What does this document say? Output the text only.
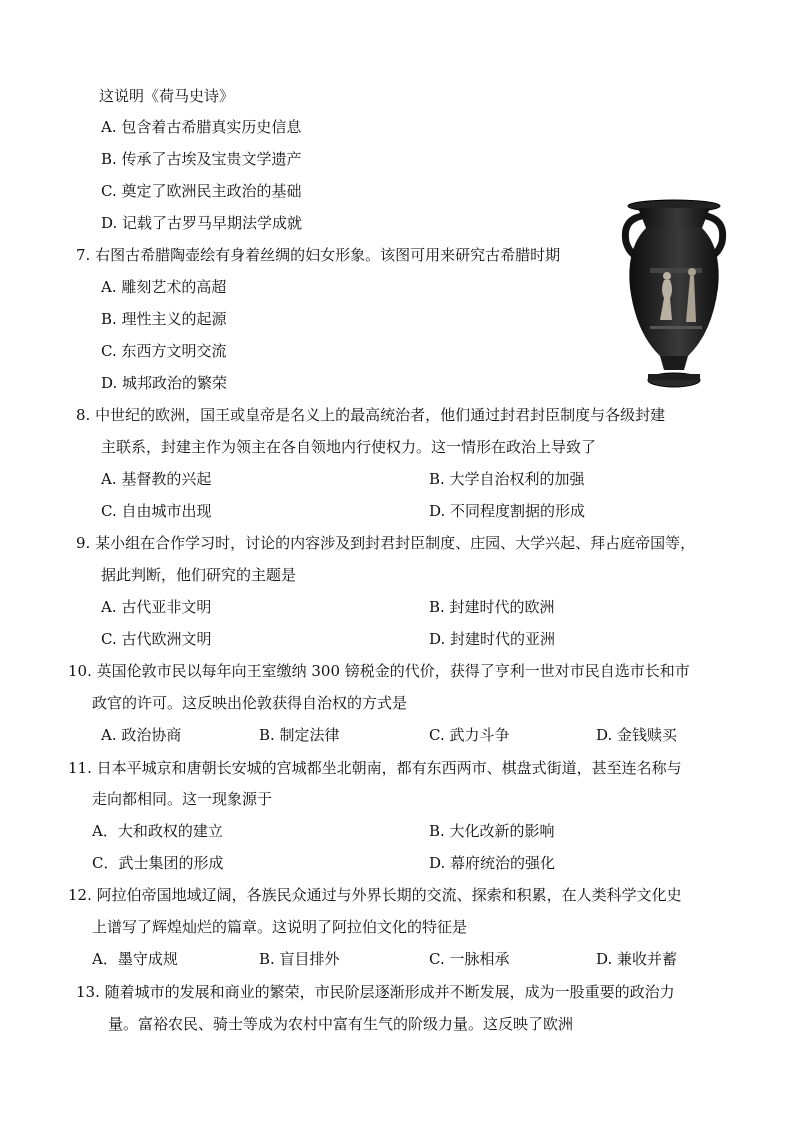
这说明《荷马史诗》
A. 包含着古希腊真实历史信息
B. 传承了古埃及宝贵文学遗产
C. 奠定了欧洲民主政治的基础
D. 记载了古罗马早期法学成就
7. 右图古希腊陶壶绘有身着丝绸的妇女形象。该图可用来研究古希腊时期
A. 雕刻艺术的高超
B. 理性主义的起源
C. 东西方文明交流
D. 城邦政治的繁荣
8. 中世纪的欧洲，国王或皇帝是名义上的最高统治者，他们通过封君封臣制度与各级封建
主联系，封建主作为领主在各自领地内行使权力。这一情形在政治上导致了
A. 基督教的兴起	B. 大学自治权利的加强
C. 自由城市出现	D. 不同程度割据的形成
9. 某小组在合作学习时，讨论的内容涉及到封君封臣制度、庄园、大学兴起、拜占庭帝国等，
据此判断，他们研究的主题是
A. 古代亚非文明	B. 封建时代的欧洲
C. 古代欧洲文明	D. 封建时代的亚洲
10. 英国伦敦市民以每年向王室缴纳 300 镑税金的代价，获得了亨利一世对市民自选市长和市
政官的许可。这反映出伦敦获得自治权的方式是
A. 政治协商	B. 制定法律	C. 武力斗争	D. 金钱赎买
11. 日本平城京和唐朝长安城的宫城都坐北朝南，都有东西两市、棋盘式街道，甚至连名称与
走向都相同。这一现象源于
A．大和政权的建立	B. 大化改新的影响
C．武士集团的形成	D. 幕府统治的强化
12. 阿拉伯帝国地域辽阔，各族民众通过与外界长期的交流、探索和积累，在人类科学文化史
上谱写了辉煌灿烂的篇章。这说明了阿拉伯文化的特征是
A．墨守成规	B. 盲目排外	C. 一脉相承	D. 兼收并蓄
13. 随着城市的发展和商业的繁荣，市民阶层逐渐形成并不断发展，成为一股重要的政治力
量。富裕农民、骑士等成为农村中富有生气的阶级力量。这反映了欧洲
